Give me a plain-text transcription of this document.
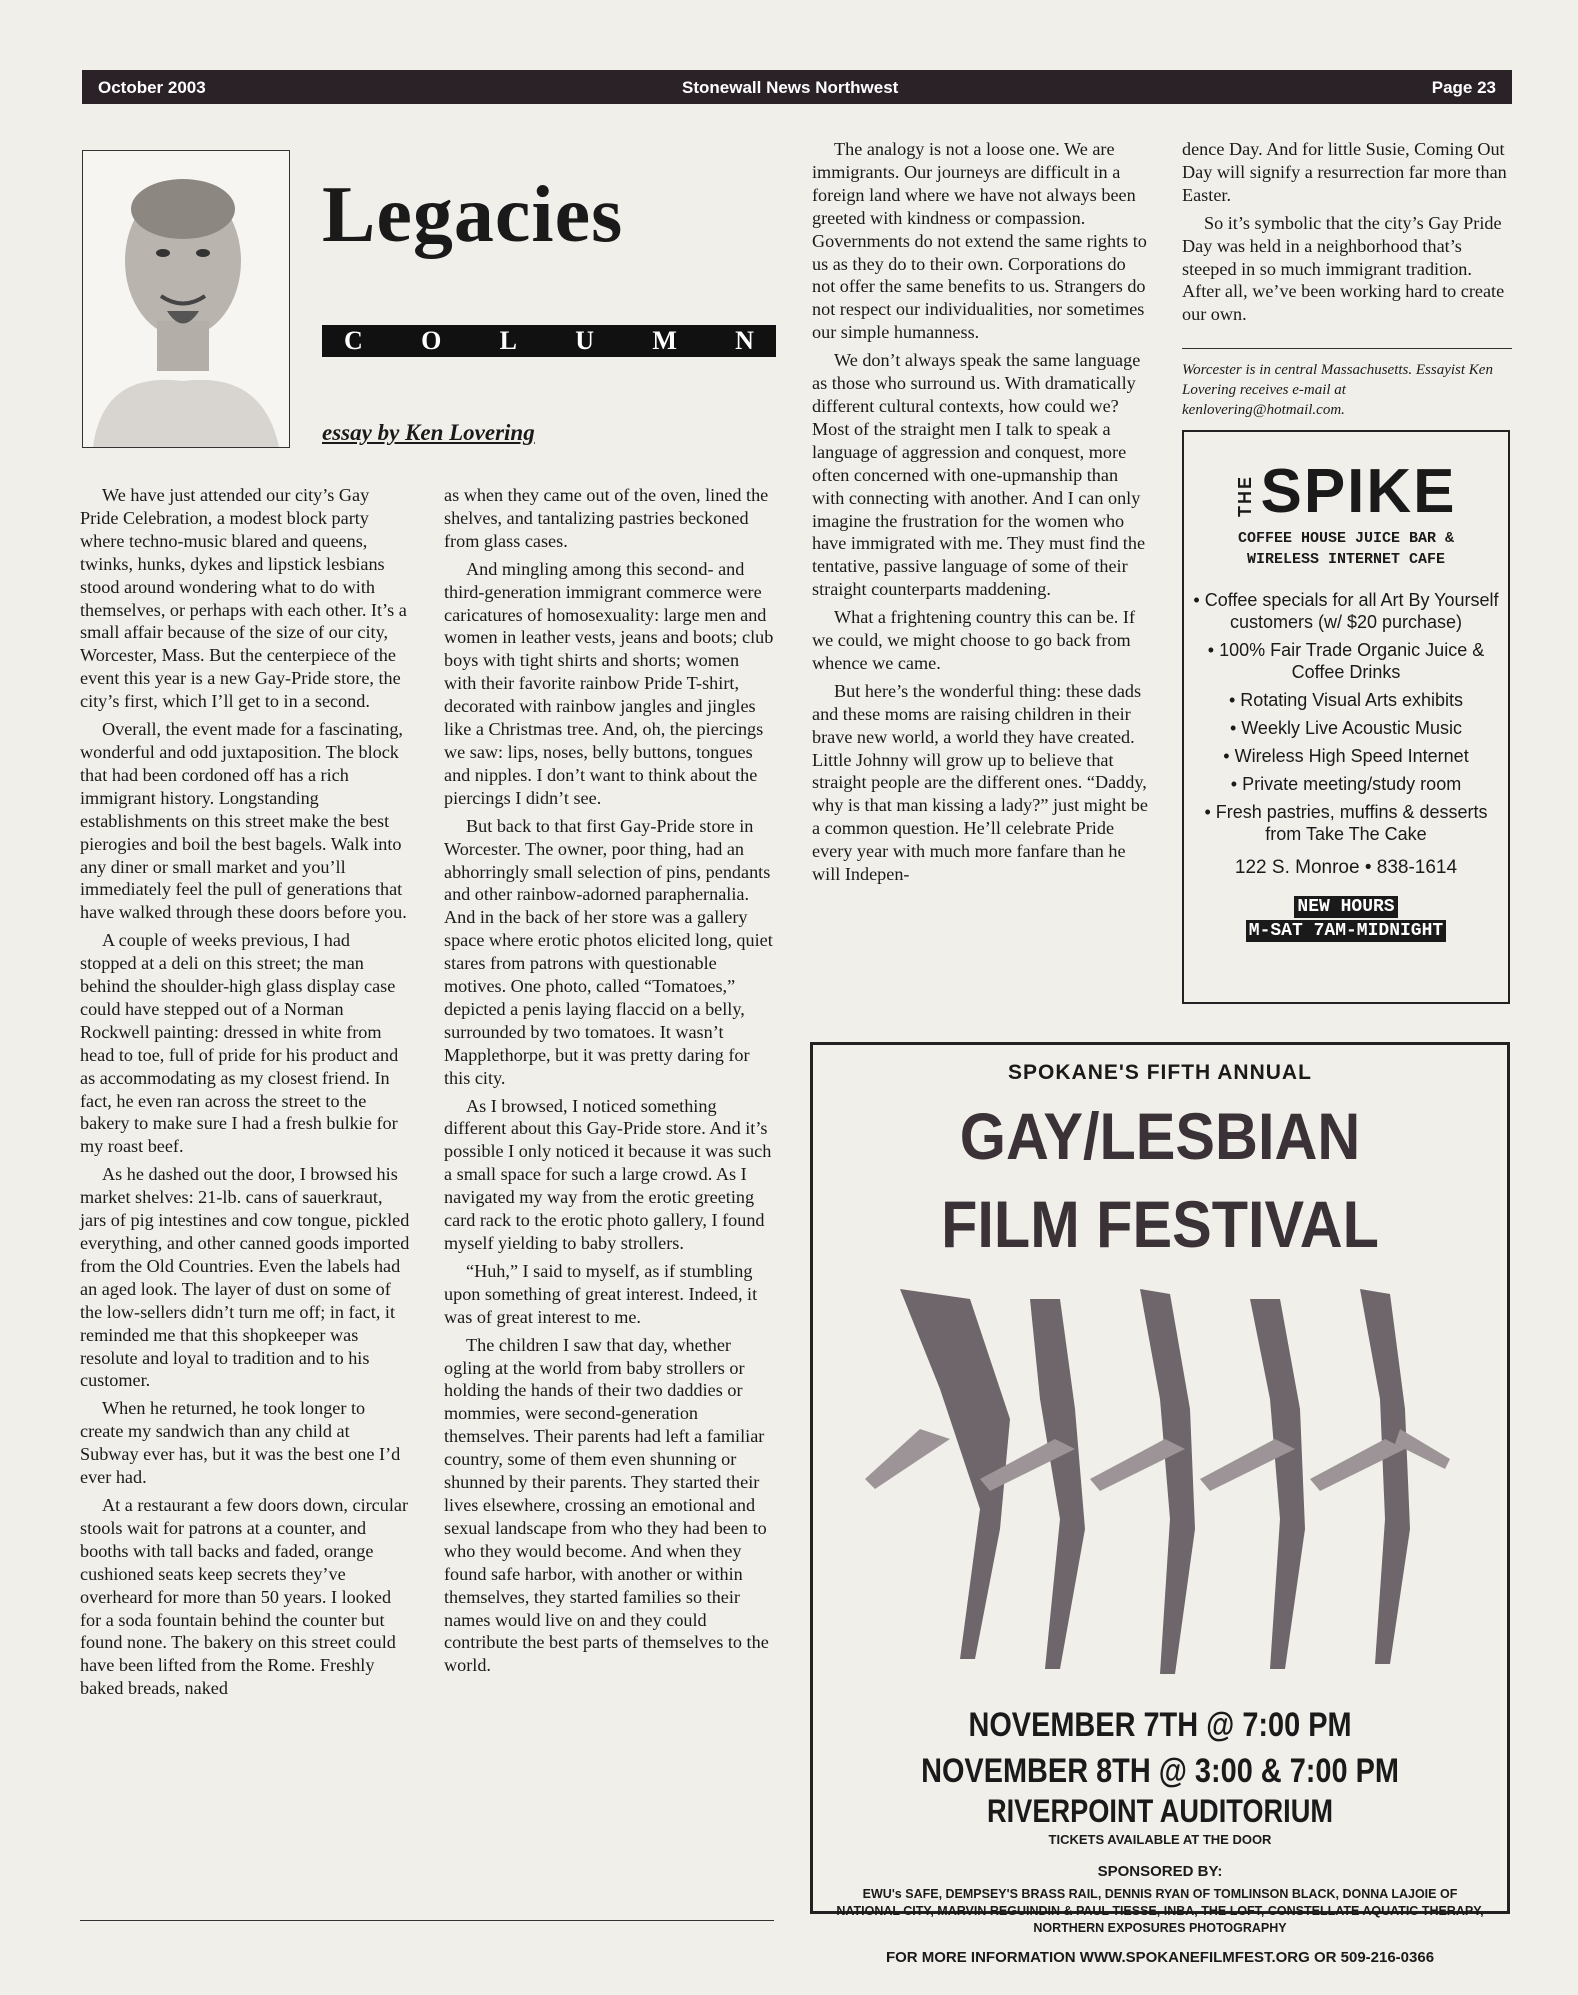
October 2003	Stonewall News Northwest	Page 23
Legacies
C O L U M N
essay by Ken Lovering

We have just attended our city’s Gay Pride Celebration, a modest block party where techno-music blared and queens, twinks, hunks, dykes and lipstick lesbians stood around wondering what to do with themselves, or perhaps with each other. It’s a small affair because of the size of our city, Worcester, Mass. But the centerpiece of the event this year is a new Gay-Pride store, the city’s first, which I’ll get to in a second.

Overall, the event made for a fascinating, wonderful and odd juxtaposition. The block that had been cordoned off has a rich immigrant history. Longstanding establishments on this street make the best pierogies and boil the best bagels. Walk into any diner or small market and you’ll immediately feel the pull of generations that have walked through these doors before you.

A couple of weeks previous, I had stopped at a deli on this street; the man behind the shoulder-high glass display case could have stepped out of a Norman Rockwell painting: dressed in white from head to toe, full of pride for his product and as accommodating as my closest friend. In fact, he even ran across the street to the bakery to make sure I had a fresh bulkie for my roast beef.

As he dashed out the door, I browsed his market shelves: 21-lb. cans of sauerkraut, jars of pig intestines and cow tongue, pickled everything, and other canned goods imported from the Old Countries. Even the labels had an aged look. The layer of dust on some of the low-sellers didn’t turn me off; in fact, it reminded me that this shopkeeper was resolute and loyal to tradition and to his customer.

When he returned, he took longer to create my sandwich than any child at Subway ever has, but it was the best one I’d ever had.

At a restaurant a few doors down, circular stools wait for patrons at a counter, and booths with tall backs and faded, orange cushioned seats keep secrets they’ve overheard for more than 50 years. I looked for a soda fountain behind the counter but found none. The bakery on this street could have been lifted from the Rome. Freshly baked breads, naked

as when they came out of the oven, lined the shelves, and tantalizing pastries beckoned from glass cases.

And mingling among this second- and third-generation immigrant commerce were caricatures of homosexuality: large men and women in leather vests, jeans and boots; club boys with tight shirts and shorts; women with their favorite rainbow Pride T-shirt, decorated with rainbow jangles and jingles like a Christmas tree. And, oh, the piercings we saw: lips, noses, belly buttons, tongues and nipples. I don’t want to think about the piercings I didn’t see.

But back to that first Gay-Pride store in Worcester. The owner, poor thing, had an abhorringly small selection of pins, pendants and other rainbow-adorned paraphernalia. And in the back of her store was a gallery space where erotic photos elicited long, quiet stares from patrons with questionable motives. One photo, called “Tomatoes,” depicted a penis laying flaccid on a belly, surrounded by two tomatoes. It wasn’t Mapplethorpe, but it was pretty daring for this city.

As I browsed, I noticed something different about this Gay-Pride store. And it’s possible I only noticed it because it was such a small space for such a large crowd. As I navigated my way from the erotic greeting card rack to the erotic photo gallery, I found myself yielding to baby strollers.

“Huh,” I said to myself, as if stumbling upon something of great interest. Indeed, it was of great interest to me.

The children I saw that day, whether ogling at the world from baby strollers or holding the hands of their two daddies or mommies, were second-generation themselves. Their parents had left a familiar country, some of them even shunning or shunned by their parents. They started their lives elsewhere, crossing an emotional and sexual landscape from who they had been to who they would become. And when they found safe harbor, with another or within themselves, they started families so their names would live on and they could contribute the best parts of themselves to the world.

The analogy is not a loose one. We are immigrants. Our journeys are difficult in a foreign land where we have not always been greeted with kindness or compassion. Governments do not extend the same rights to us as they do to their own. Corporations do not offer the same benefits to us. Strangers do not respect our individualities, nor sometimes our simple humanness.

We don’t always speak the same language as those who surround us. With dramatically different cultural contexts, how could we? Most of the straight men I talk to speak a language of aggression and conquest, more often concerned with one-upmanship than with connecting with another. And I can only imagine the frustration for the women who have immigrated with me. They must find the tentative, passive language of some of their straight counterparts maddening.

What a frightening country this can be. If we could, we might choose to go back from whence we came.

But here’s the wonderful thing: these dads and these moms are raising children in their brave new world, a world they have created. Little Johnny will grow up to believe that straight people are the different ones. “Daddy, why is that man kissing a lady?” just might be a common question. He’ll celebrate Pride every year with much more fanfare than he will Indepen-

dence Day. And for little Susie, Coming Out Day will signify a resurrection far more than Easter.

So it’s symbolic that the city’s Gay Pride Day was held in a neighborhood that’s steeped in so much immigrant tradition. After all, we’ve been working hard to create our own.

Worcester is in central Massachusetts. Essayist Ken Lovering receives e-mail at kenlovering@hotmail.com.
THESPIKE
COFFEE HOUSE JUICE BAR &
WIRELESS INTERNET CAFE
• Coffee specials for all Art By Yourself customers (w/ $20 purchase)
• 100% Fair Trade Organic Juice & Coffee Drinks
• Rotating Visual Arts exhibits
• Weekly Live Acoustic Music
• Wireless High Speed Internet
• Private meeting/study room
• Fresh pastries, muffins & desserts from Take The Cake
122 S. Monroe • 838-1614
NEW HOURS
M-SAT 7AM-MIDNIGHT
SPOKANE'S FIFTH ANNUAL
GAY/LESBIAN
FILM FESTIVAL
NOVEMBER 7TH @ 7:00 PM
NOVEMBER 8TH @ 3:00 & 7:00 PM
RIVERPOINT AUDITORIUM
TICKETS AVAILABLE AT THE DOOR
SPONSORED BY:
EWU's SAFE, DEMPSEY'S BRASS RAIL, DENNIS RYAN OF TOMLINSON BLACK, DONNA LAJOIE OF NATIONAL CITY, MARVIN REGUINDIN & PAUL TIESSE, INBA, THE LOFT, CONSTELLATE AQUATIC THERAPY, NORTHERN EXPOSURES PHOTOGRAPHY
FOR MORE INFORMATION WWW.SPOKANEFILMFEST.ORG OR 509-216-0366
